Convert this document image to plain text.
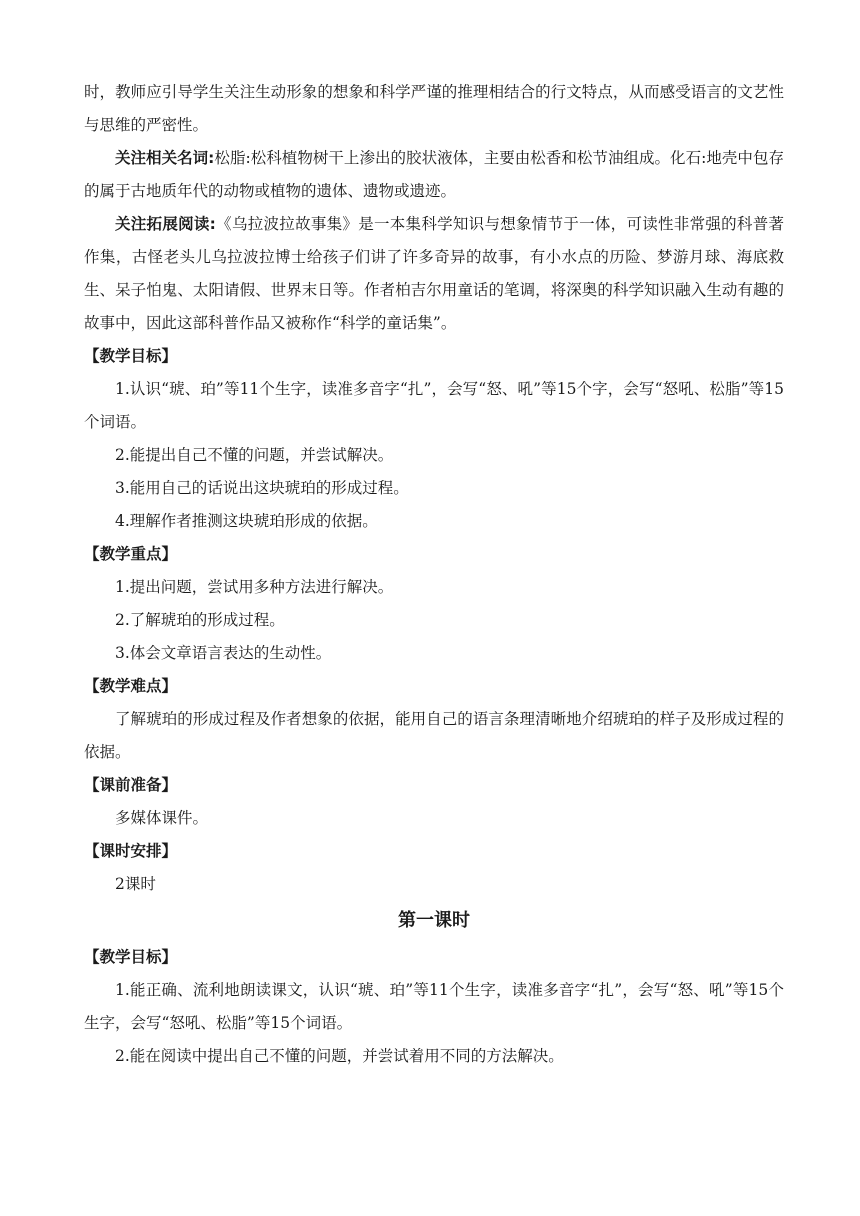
时，教师应引导学生关注生动形象的想象和科学严谨的推理相结合的行文特点，从而感受语言的文艺性与思维的严密性。

关注相关名词:松脂:松科植物树干上渗出的胶状液体，主要由松香和松节油组成。化石:地壳中包存的属于古地质年代的动物或植物的遗体、遗物或遗迹。

关注拓展阅读:《乌拉波拉故事集》是一本集科学知识与想象情节于一体，可读性非常强的科普著作集，古怪老头儿乌拉波拉博士给孩子们讲了许多奇异的故事，有小水点的历险、梦游月球、海底救生、呆子怕鬼、太阳请假、世界末日等。作者柏吉尔用童话的笔调，将深奥的科学知识融入生动有趣的故事中，因此这部科普作品又被称作“科学的童话集”。

【教学目标】

1.认识“琥、珀”等11个生字，读准多音字“扎”，会写“怒、吼”等15个字，会写“怒吼、松脂”等15个词语。

2.能提出自己不懂的问题，并尝试解决。

3.能用自己的话说出这块琥珀的形成过程。

4.理解作者推测这块琥珀形成的依据。

【教学重点】

1.提出问题，尝试用多种方法进行解决。

2.了解琥珀的形成过程。

3.体会文章语言表达的生动性。

【教学难点】

了解琥珀的形成过程及作者想象的依据，能用自己的语言条理清晰地介绍琥珀的样子及形成过程的依据。

【课前准备】

多媒体课件。

【课时安排】

2课时

第一课时

【教学目标】

1.能正确、流利地朗读课文，认识“琥、珀”等11个生字，读准多音字“扎”，会写“怒、吼”等15个生字，会写“怒吼、松脂”等15个词语。

2.能在阅读中提出自己不懂的问题，并尝试着用不同的方法解决。
